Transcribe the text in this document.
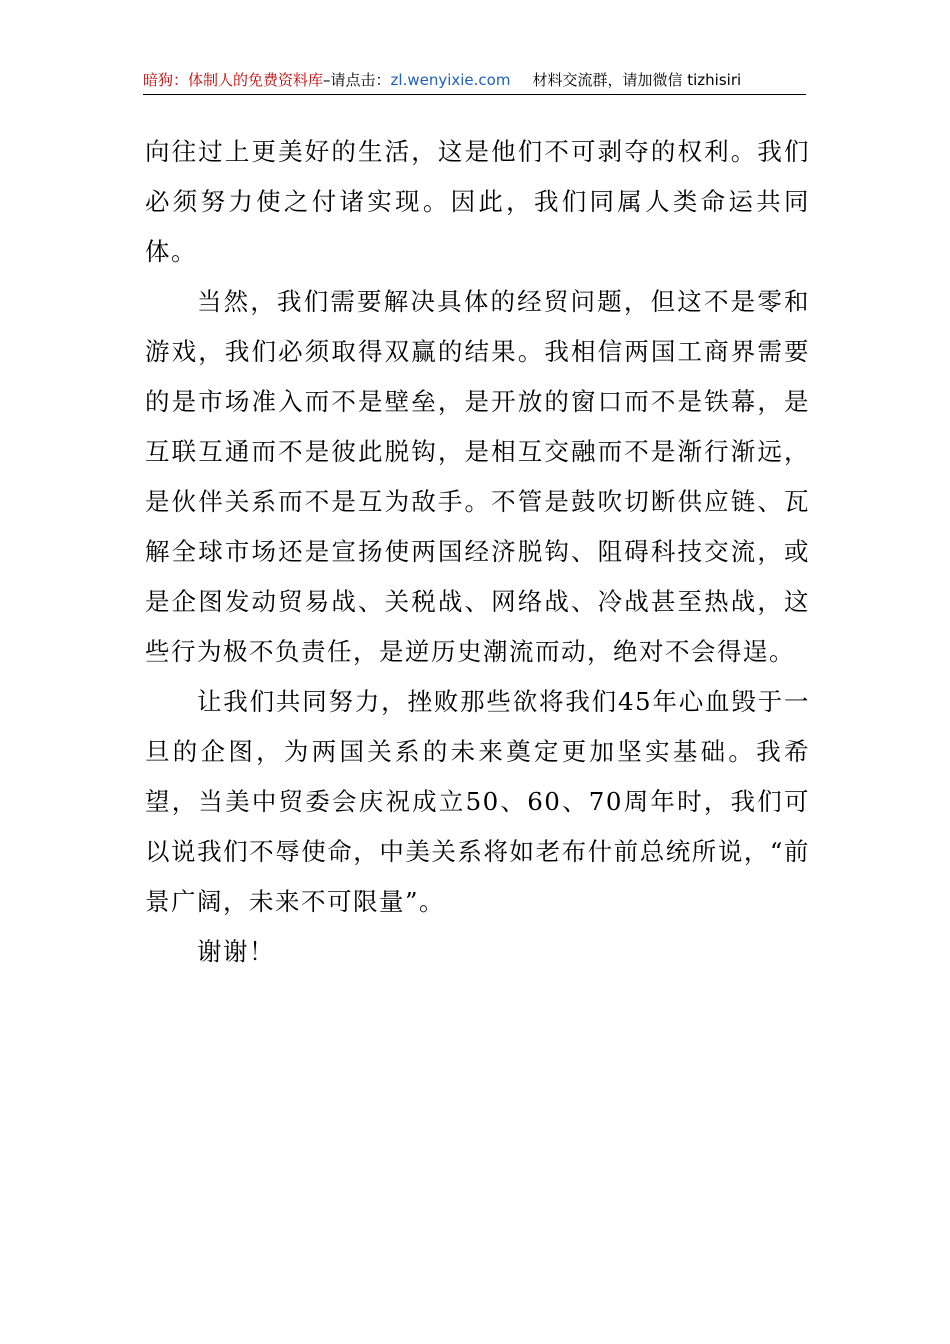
暗狗：体制人的免费资料库 –请点击： zl.wenyixie.com 材料交流群，请加微信 tizhisiri

向往过上更美好的生活，这是他们不可剥夺的权利。我们必须努力使之付诸实现。因此，我们同属人类命运共同体。

当然，我们需要解决具体的经贸问题，但这不是零和游戏，我们必须取得双赢的结果。我相信两国工商界需要的是市场准入而不是壁垒，是开放的窗口而不是铁幕，是互联互通而不是彼此脱钩，是相互交融而不是渐行渐远，是伙伴关系而不是互为敌手。不管是鼓吹切断供应链、瓦解全球市场还是宣扬使两国经济脱钩、阻碍科技交流，或是企图发动贸易战、关税战、网络战、冷战甚至热战，这些行为极不负责任，是逆历史潮流而动，绝对不会得逞。

让我们共同努力，挫败那些欲将我们45年心血毁于一旦的企图，为两国关系的未来奠定更加坚实基础。我希望，当美中贸委会庆祝成立50、60、70周年时，我们可以说我们不辱使命，中美关系将如老布什前总统所说，“前景广阔，未来不可限量”。

谢谢！
